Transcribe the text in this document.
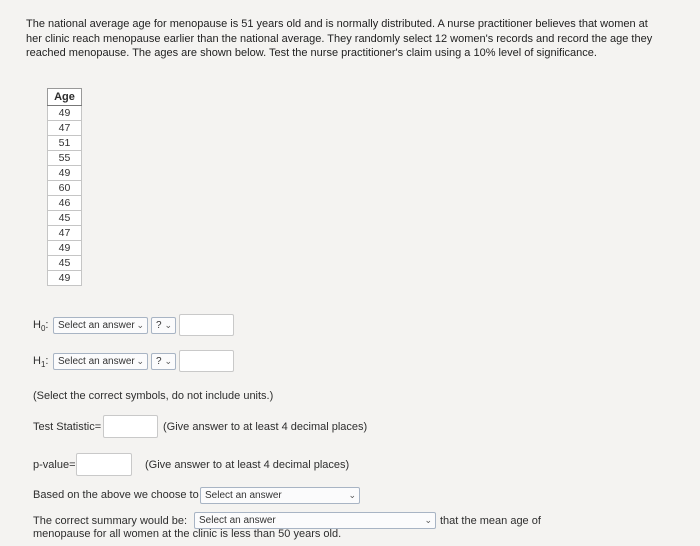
The national average age for menopause is 51 years old and is normally distributed. A nurse practitioner believes that women at her clinic reach menopause earlier than the national average. They randomly select 12 women's records and record the age they reached menopause. The ages are shown below. Test the nurse practitioner's claim using a 10% level of significance.
Age
49
47
51
55
49
60
46
45
47
49
45
49
$H_0$: Select an answer ⌄	? ⌄
$H_1$: Select an answer ⌄	? ⌄
(Select the correct symbols, do not include units.)
Test Statistic=	(Give answer to at least 4 decimal places)
p-value=	(Give answer to at least 4 decimal places)
Based on the above we choose to Select an answer	⌄
The correct summary would be:	Select an answer	⌄ that the mean age of
menopause for all women at the clinic is less than 50 years old.
